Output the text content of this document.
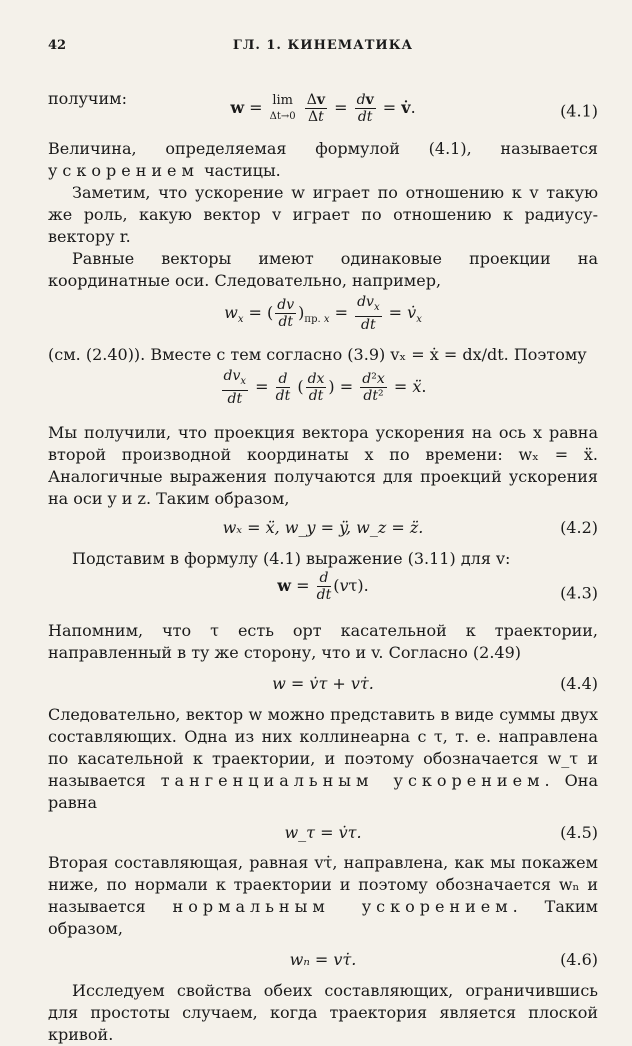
42	ГЛ. 1. КИНЕМАТИКА

получим:	w = lim
Δt→0
$\frac{\Delta v}{\Delta t} = \frac{dv}{dt}$ = v̇.	(4.1)

Величина, определяемая формулой (4.1), называется ускорением частицы.

Заметим, что ускорение w играет по отношению к v такую же роль, какую вектор v играет по отношению к радиусу-вектору r.

Равные векторы имеют одинаковые проекции на координатные оси. Следовательно, например,

$w_x$ = ( $\frac{dv}{dt} )_{пр. x} = \frac{dv_x}{dt}$ = $v̇_x$

(см. (2.40)). Вместе с тем согласно (3.9) vₓ = ẋ = dx/dt. Поэтому

$\frac{dv_x}{dt} = \frac{d}{dt}$ ( $\frac{dx}{dt}$ ) = $\frac{\text{d²x}}{\text{dt²}}$ = ẍ.

Мы получили, что проекция вектора ускорения на ось x равна второй производной координаты x по времени: wₓ = ẍ. Аналогичные выражения получаются для проекций ускорения на оси y и z. Таким образом,

wₓ = ẍ, w_y = ÿ, w_z = z̈.	(4.2)

Подставим в формулу (4.1) выражение (3.11) для v:

$w = \frac{d}{dt} (v\tau)$.	(4.3)

Напомним, что τ есть орт касательной к траектории, направленный в ту же сторону, что и v. Согласно (2.49)

w = v̇τ + vτ̇.	(4.4)

Следовательно, вектор w можно представить в виде суммы двух составляющих. Одна из них коллинеарна с τ, т. е. направлена по касательной к траектории, и поэтому обозначается w_τ и называется тангенциальным ускорением. Она равна

w_τ = v̇τ.	(4.5)

Вторая составляющая, равная vτ̇, направлена, как мы покажем ниже, по нормали к траектории и поэтому обозначается wₙ и называется нормальным ускорением. Таким образом,

wₙ = vτ̇.	(4.6)

Исследуем свойства обеих составляющих, ограничившись для простоты случаем, когда траектория является плоской кривой.
